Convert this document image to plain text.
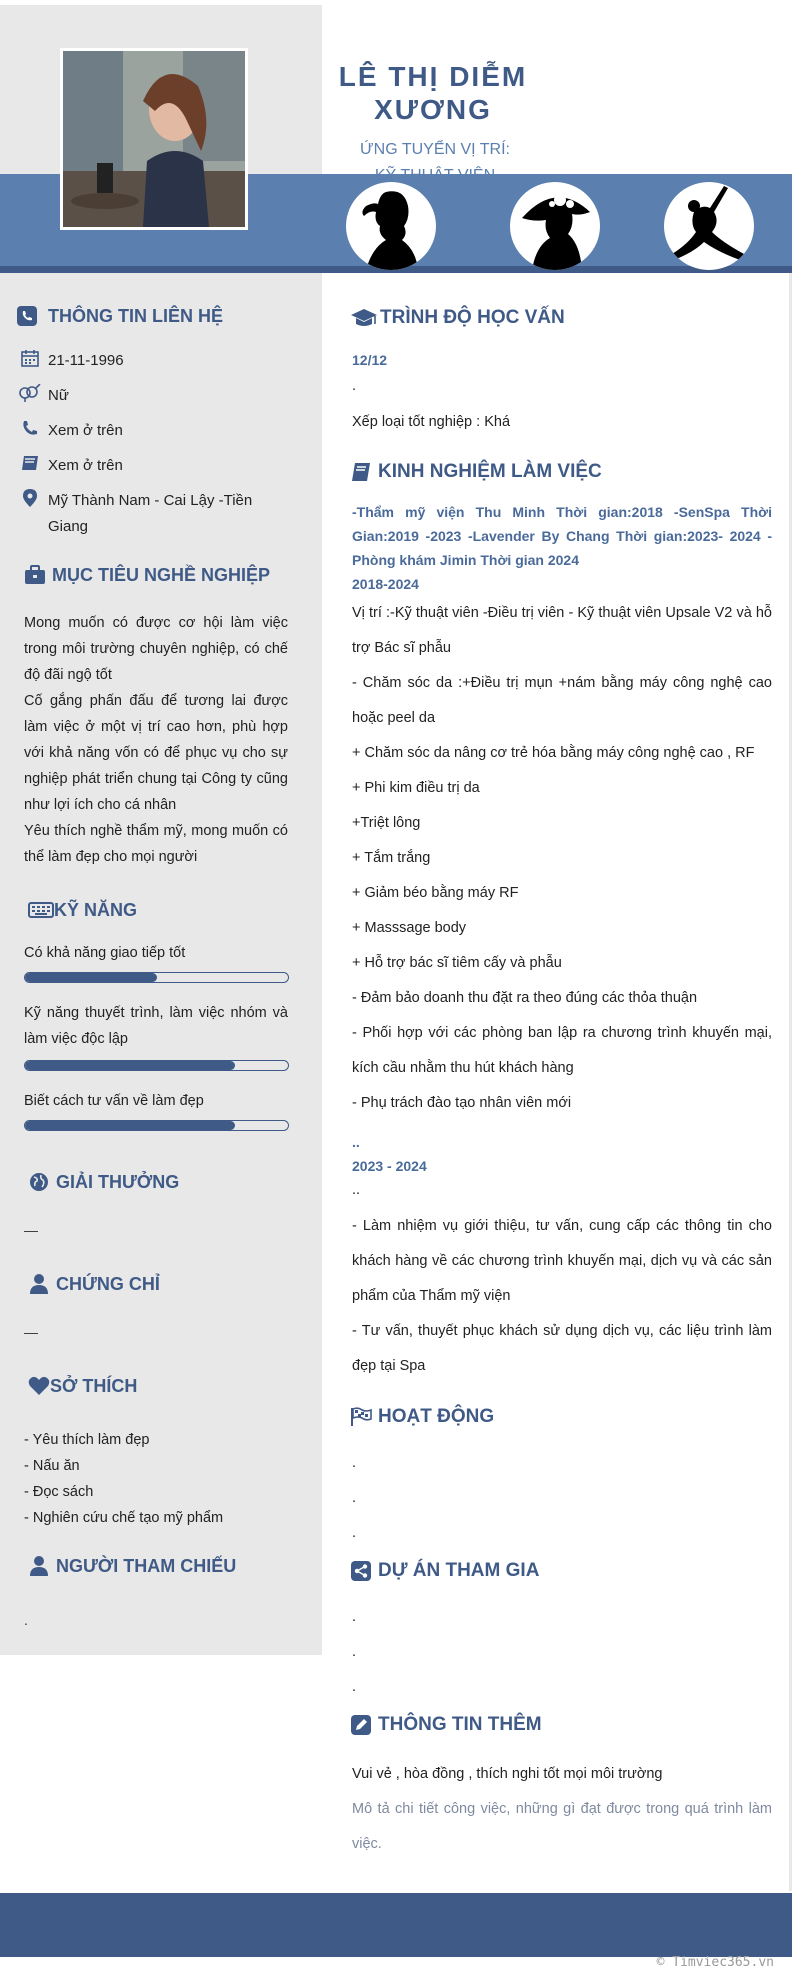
LÊ THỊ DIỄM XƯƠNG
ỨNG TUYỂN VỊ TRÍ:
KỸ THUẬT VIÊN
THÔNG TIN LIÊN HỆ
21-11-1996
Nữ
Xem ở trên
Xem ở trên
Mỹ Thành Nam - Cai Lậy -Tiền Giang
MỤC TIÊU NGHỀ NGHIỆP
Mong muốn có được cơ hội làm việc trong môi trường chuyên nghiệp, có chế độ đãi ngộ tốt
Cố gắng phấn đấu để tương lai được làm việc ở một vị trí cao hơn, phù hợp với khả năng vốn có để phục vụ cho sự nghiệp phát triển chung tại Công ty cũng như lợi ích cho cá nhân
Yêu thích nghề thẩm mỹ, mong muốn có thể làm đẹp cho mọi người
KỸ NĂNG
Có khả năng giao tiếp tốt
Kỹ năng thuyết trình, làm việc nhóm và làm việc độc lập
Biết cách tư vấn về làm đẹp
GIẢI THƯỞNG
—
CHỨNG CHỈ
—
SỞ THÍCH
- Yêu thích làm đẹp
- Nấu ăn
- Đọc sách
- Nghiên cứu chế tạo mỹ phẩm
NGƯỜI THAM CHIẾU
.
TRÌNH ĐỘ HỌC VẤN
12/12
.
Xếp loại tốt nghiệp : Khá
KINH NGHIỆM LÀM VIỆC
-Thẩm mỹ viện Thu Minh Thời gian:2018 -SenSpa Thời Gian:2019 -2023 -Lavender By Chang Thời gian:2023- 2024 -Phòng khám Jimin Thời gian 2024
2018-2024
Vị trí :-Kỹ thuật viên -Điều trị viên - Kỹ thuật viên Upsale V2 và hỗ trợ Bác sĩ phẫu
- Chăm sóc da :+Điều trị mụn +nám bằng máy công nghệ cao hoặc peel da
+ Chăm sóc da nâng cơ trẻ hóa bằng máy công nghệ cao , RF
+ Phi kim điều trị da
+Triệt lông
+ Tắm trắng
+ Giảm béo bằng máy RF
+ Masssage body
+ Hỗ trợ bác sĩ tiêm cấy và phẫu
- Đảm bảo doanh thu đặt ra theo đúng các thỏa thuận
- Phối hợp với các phòng ban lập ra chương trình khuyến mại, kích cầu nhằm thu hút khách hàng
- Phụ trách đào tạo nhân viên mới
..
2023 - 2024
..
- Làm nhiệm vụ giới thiệu, tư vấn, cung cấp các thông tin cho khách hàng về các chương trình khuyến mại, dịch vụ và các sản phẩm của Thẩm mỹ viện
- Tư vấn, thuyết phục khách sử dụng dịch vụ, các liệu trình làm đẹp tại Spa
HOẠT ĐỘNG
.
.
.
DỰ ÁN THAM GIA
.
.
.
THÔNG TIN THÊM
Vui vẻ , hòa đồng , thích nghi tốt mọi môi trường
Mô tả chi tiết công việc, những gì đạt được trong quá trình làm việc.
© Timviec365.vn
